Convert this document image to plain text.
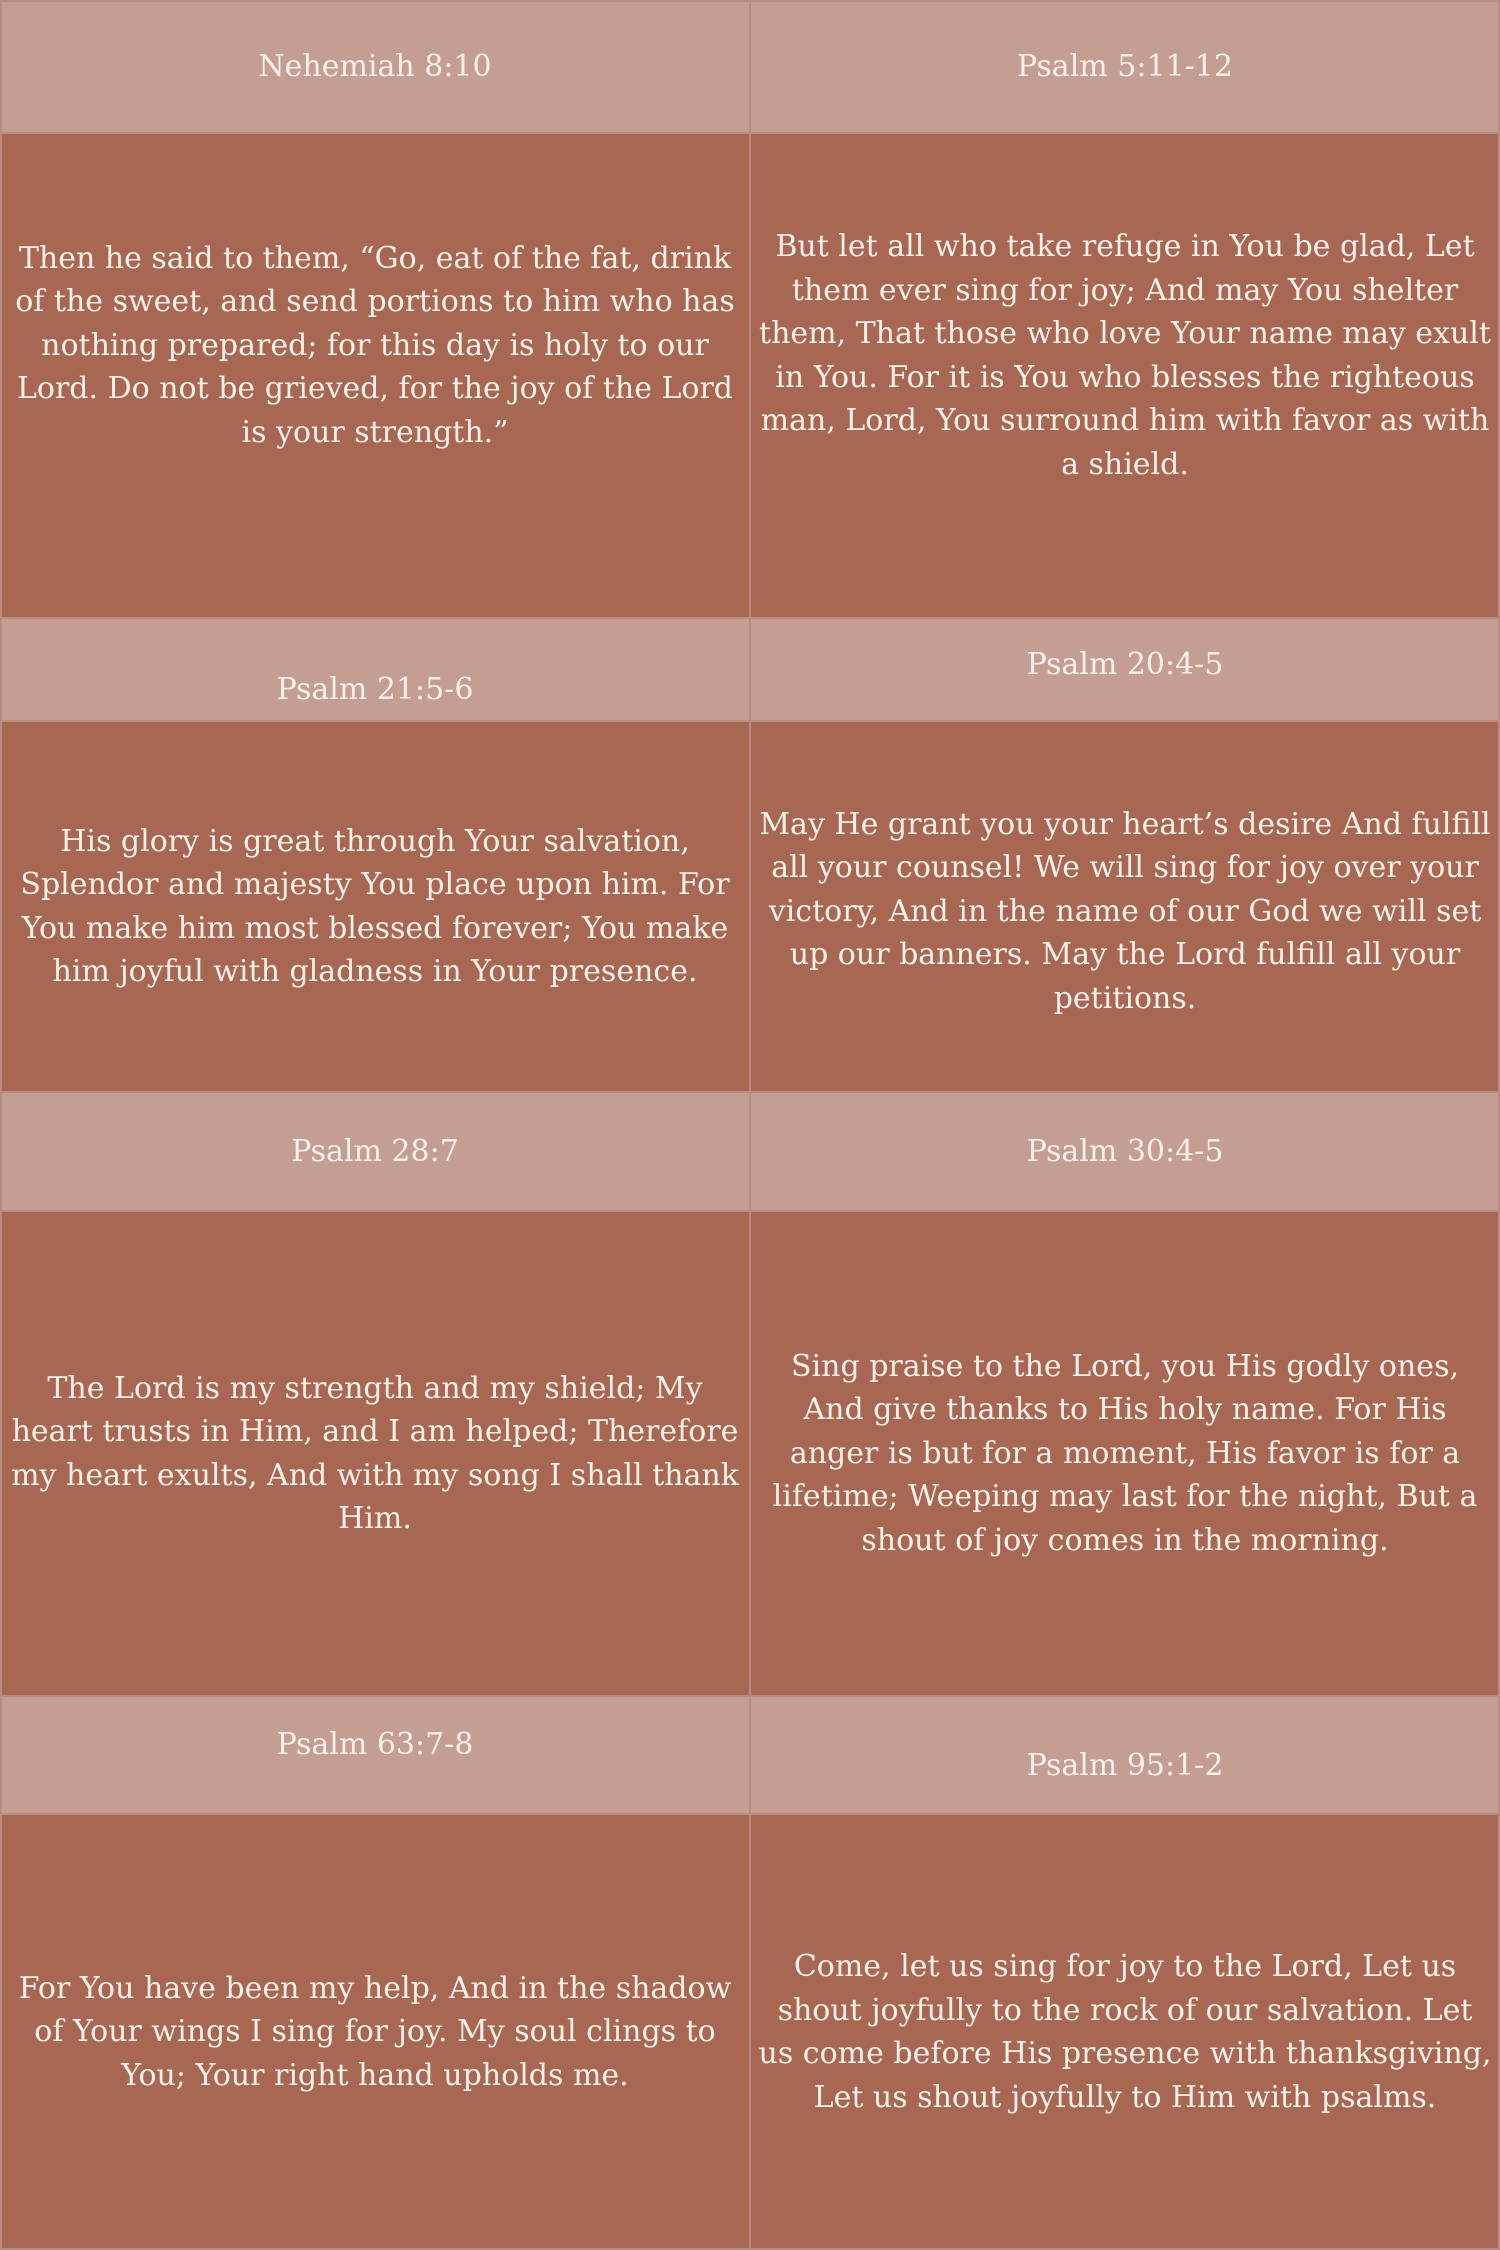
Nehemiah 8:10	Psalm 5:11-12
Then he said to them, “Go, eat of the fat, drink of the sweet, and send portions to him who has nothing prepared; for this day is holy to our Lord. Do not be grieved, for the joy of the Lord is your strength.”
But let all who take refuge in You be glad, Let them ever sing for joy; And may You shelter them, That those who love Your name may exult in You. For it is You who blesses the righteous man, Lord, You surround him with favor as with a shield.
Psalm 21:5-6
Psalm 20:4-5
His glory is great through Your salvation, Splendor and majesty You place upon him. For You make him most blessed forever; You make him joyful with gladness in Your presence.
May He grant you your heart’s desire And fulfill all your counsel! We will sing for joy over your victory, And in the name of our God we will set up our banners. May the Lord fulfill all your petitions.
Psalm 28:7	Psalm 30:4-5
The Lord is my strength and my shield; My heart trusts in Him, and I am helped; Therefore my heart exults, And with my song I shall thank Him.
Sing praise to the Lord, you His godly ones, And give thanks to His holy name. For His anger is but for a moment, His favor is for a lifetime; Weeping may last for the night, But a shout of joy comes in the morning.
Psalm 63:7-8
Psalm 95:1-2
For You have been my help, And in the shadow of Your wings I sing for joy. My soul clings to You; Your right hand upholds me.
Come, let us sing for joy to the Lord, Let us shout joyfully to the rock of our salvation. Let us come before His presence with thanksgiving, Let us shout joyfully to Him with psalms.
